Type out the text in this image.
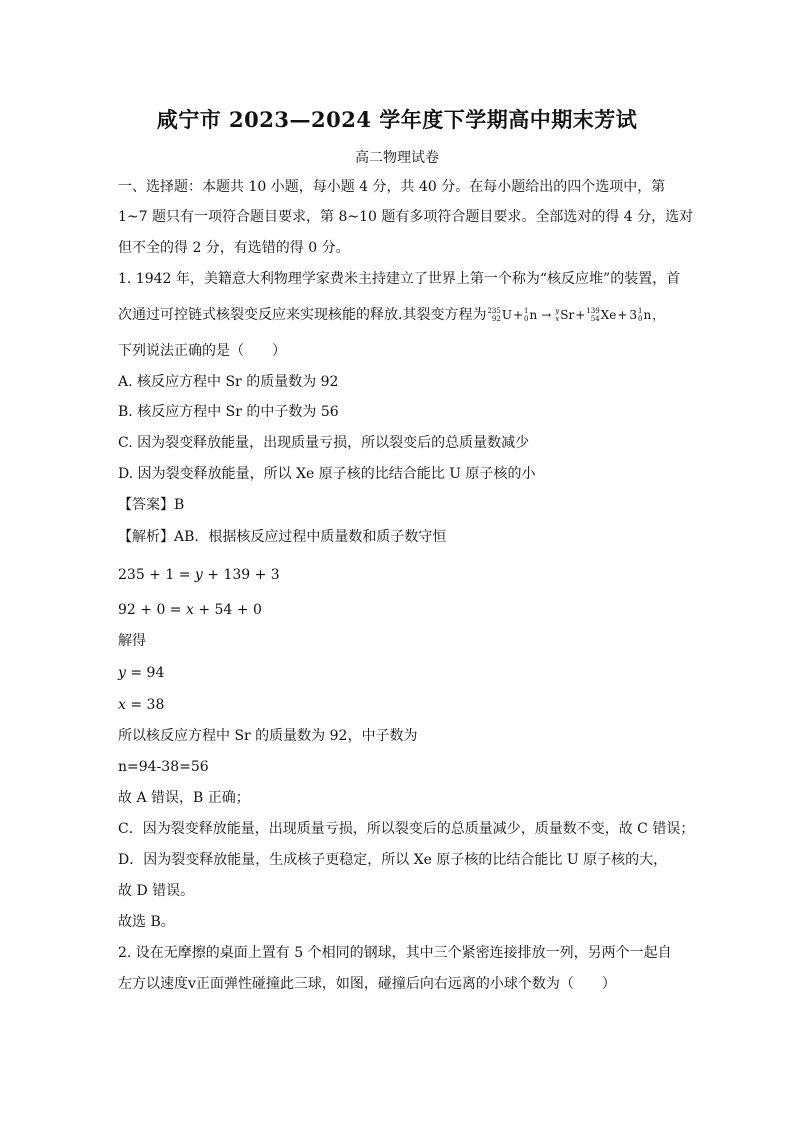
咸宁市 2023—2024 学年度下学期高中期末芳试
高二物理试卷
一、选择题：本题共 10 小题，每小题 4 分，共 40 分。在每小题给出的四个选项中，第
1~7 题只有一项符合题目要求，第 8~10 题有多项符合题目要求。全部选对的得 4 分，选对
但不全的得 2 分，有选错的得 0 分。
1. 1942 年，美籍意大利物理学家费米主持建立了世界上第一个称为“核反应堆”的装置，首
次通过可控链式核裂变反应来实现核能的释放.其裂变方程为 235
92 U + 1
0 n → y
x Sr + 139
54 Xe + 3 1
0 n ，
下列说法正确的是（　　）
A. 核反应方程中 Sr 的质量数为 92
B. 核反应方程中 Sr 的中子数为 56
C. 因为裂变释放能量，出现质量亏损，所以裂变后的总质量数减少
D. 因为裂变释放能量，所以 Xe 原子核的比结合能比 U 原子核的小
【答案】B
【解析】AB．根据核反应过程中质量数和质子数守恒
235 + 1 = y + 139 + 3
92 + 0 = x + 54 + 0
解得
y = 94
x = 38
所以核反应方程中 Sr 的质量数为 92，中子数为
n=94-38=56
故 A 错误，B 正确；
C．因为裂变释放能量，出现质量亏损，所以裂变后的总质量减少，质量数不变，故 C 错误；
D．因为裂变释放能量，生成核子更稳定，所以 Xe 原子核的比结合能比 U 原子核的大，
故 D 错误。
故选 B。
2. 设在无摩擦的桌面上置有 5 个相同的钢球，其中三个紧密连接排放一列，另两个一起自
左方以速度v正面弹性碰撞此三球，如图，碰撞后向右远离的小球个数为（　　）
